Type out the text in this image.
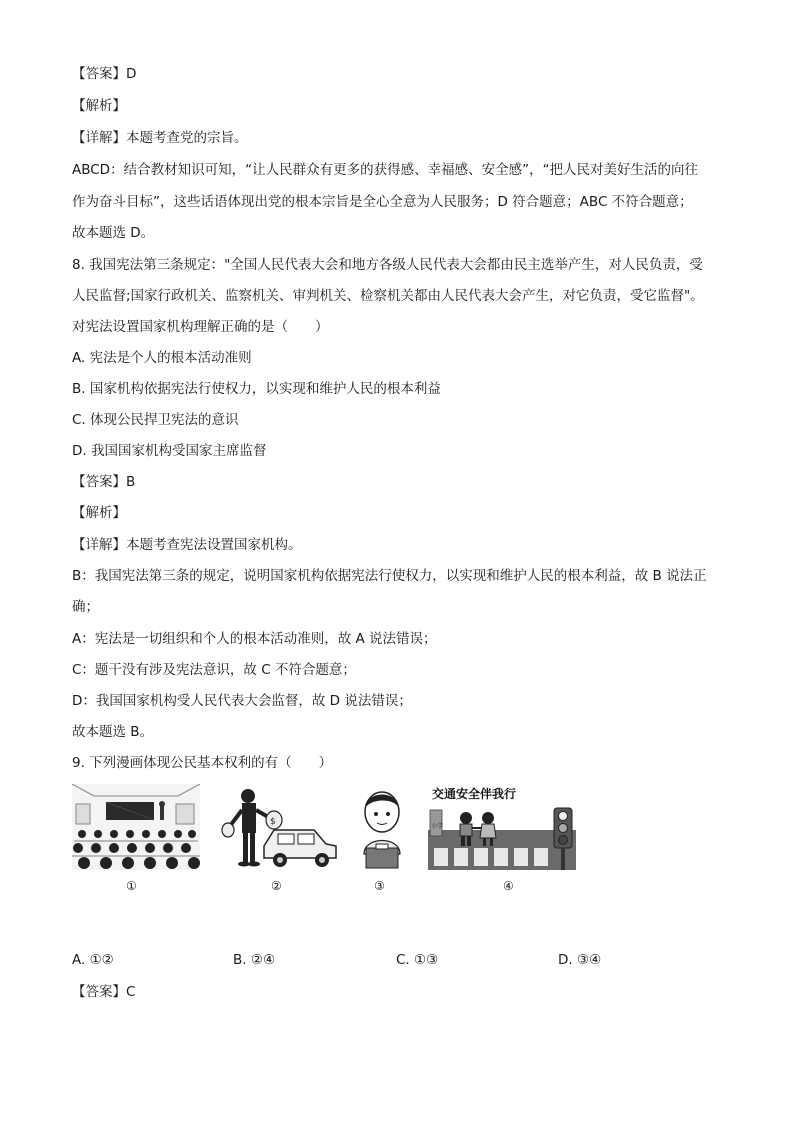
【答案】D
【解析】
【详解】本题考查党的宗旨。
ABCD：结合教材知识可知，“让人民群众有更多的获得感、幸福感、安全感”，“把人民对美好生活的向往
作为奋斗目标”，这些话语体现出党的根本宗旨是全心全意为人民服务；D 符合题意；ABC 不符合题意；
故本题选 D。
8. 我国宪法第三条规定："全国人民代表大会和地方各级人民代表大会都由民主选举产生，对人民负责，受
人民监督;国家行政机关、监察机关、审判机关、检察机关都由人民代表大会产生，对它负责，受它监督"。
对宪法设置国家机构理解正确的是（　　）
A. 宪法是个人的根本活动准则
B. 国家机构依据宪法行使权力，以实现和维护人民的根本利益
C. 体现公民捍卫宪法的意识
D. 我国国家机构受国家主席监督
【答案】B
【解析】
【详解】本题考查宪法设置国家机构。
B：我国宪法第三条的规定，说明国家机构依据宪法行使权力，以实现和维护人民的根本利益，故 B 说法正
确；
A：宪法是一切组织和个人的根本活动准则，故 A 说法错误；
C：题干没有涉及宪法意识，故 C 不符合题意；
D：我国国家机构受人民代表大会监督，故 D 说法错误；
故本题选 B。
9. 下列漫画体现公民基本权利的有（　　）
①
$
②	③
交通安全伴我行
小学
④
A. ①②	B. ②④	C. ①③	D. ③④
【答案】C
